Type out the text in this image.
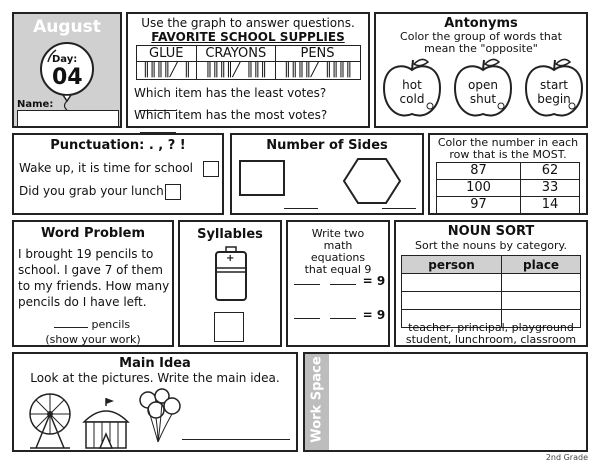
August
Day:
04
Name:
Use the graph to answer questions.
FAVORITE SCHOOL SUPPLIES
GLUE	CRAYONS	PENS
║║║║╱ ║	║║║║╱ ║║║	║║║║╱ ║║║║
Which item has the least votes?
Which item has the most votes?
Antonyms
Color the group of words that mean the "opposite"
hot
cold
open
shut
start
begin
Punctuation: . , ? !
Wake up, it is time for school
Did you grab your lunch
Number of Sides	Color the number in each row that is the MOST.
87	62
100	33
97	14
Word Problem
I brought 19 pencils to school. I gave 7 of them to my friends. How many pencils do I have left.
pencils
(show your work)
Syllables
+
Write two math equations that equal 9
= 9
= 9
NOUN SORT
Sort the nouns by category.
person	place

teacher, principal, playground
student, lunchroom, classroom
Main Idea
Look at the pictures. Write the main idea.	Work Space
2nd Grade
